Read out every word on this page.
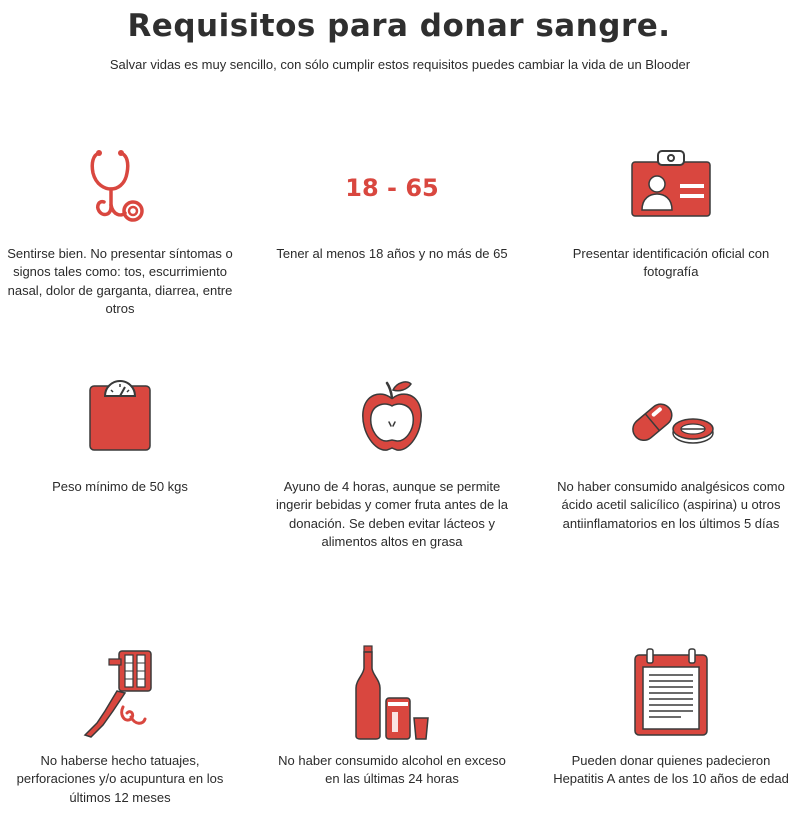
Requisitos para donar sangre.

Salvar vidas es muy sencillo, con sólo cumplir estos requisitos puedes cambiar la vida de un Blooder

Sentirse bien. No presentar síntomas o signos tales como: tos, escurrimiento nasal, dolor de garganta, diarrea, entre otros

18 - 65

Tener al menos 18 años y no más de 65	Presentar identificación oficial con fotografía

Peso mínimo de 50 kgs	Ayuno de 4 horas, aunque se permite ingerir bebidas y comer fruta antes de la donación. Se deben evitar lácteos y alimentos altos en grasa

No haber consumido analgésicos como ácido acetil salicílico (aspirina) u otros antiinflamatorios en los últimos 5 días

No haberse hecho tatuajes, perforaciones y/o acupuntura en los últimos 12 meses

No haber consumido alcohol en exceso en las últimas 24 horas

Pueden donar quienes padecieron Hepatitis A antes de los 10 años de edad
